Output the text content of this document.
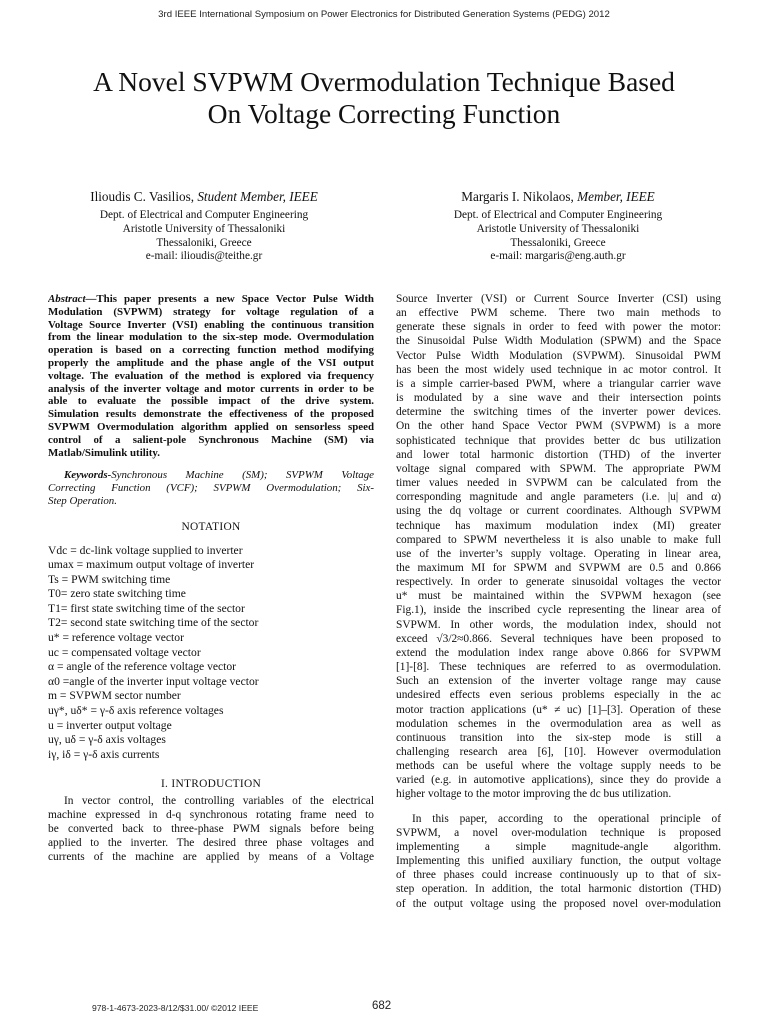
3rd IEEE International Symposium on Power Electronics for Distributed Generation Systems (PEDG) 2012
A Novel SVPWM Overmodulation Technique Based
On Voltage Correcting Function
Ilioudis C. Vasilios, Student Member, IEEE
Dept. of Electrical and Computer Engineering
Aristotle University of Thessaloniki
Thessaloniki, Greece
e-mail: ilioudis@teithe.gr
Margaris I. Nikolaos, Member, IEEE
Dept. of Electrical and Computer Engineering
Aristotle University of Thessaloniki
Thessaloniki, Greece
e-mail: margaris@eng.auth.gr
Abstract—This paper presents a new Space Vector Pulse Width
Modulation (SVPWM) strategy for voltage regulation of a
Voltage Source Inverter (VSI) enabling the continuous transition
from the linear modulation to the six-step mode. Overmodulation
operation is based on a correcting function method modifying
properly the amplitude and the phase angle of the VSI output
voltage. The evaluation of the method is explored via frequency
analysis of the inverter voltage and motor currents in order to be
able to evaluate the possible impact of the drive system.
Simulation results demonstrate the effectiveness of the proposed
SVPWM Overmodulation algorithm applied on sensorless speed
control of a salient-pole Synchronous Machine (SM) via
Matlab/Simulink utility.
Keywords-Synchronous Machine (SM); SVPWM Voltage
Correcting Function (VCF); SVPWM Overmodulation; Six-
Step Operation.
NOTATION
Vdc = dc-link voltage supplied to inverter
umax = maximum output voltage of inverter
Ts = PWM switching time
T0= zero state switching time
T1= first state switching time of the sector
T2= second state switching time of the sector
u* = reference voltage vector
uc = compensated voltage vector
α = angle of the reference voltage vector
α0 =angle of the inverter input voltage vector
m = SVPWM sector number
uγ*, uδ* = γ-δ axis reference voltages
u = inverter output voltage
uγ, uδ = γ-δ axis voltages
iγ, iδ = γ-δ axis currents
I. INTRODUCTION
In vector control, the controlling variables of the electrical
machine expressed in d-q synchronous rotating frame need to
be converted back to three-phase PWM signals before being
applied to the inverter. The desired three phase voltages and
currents of the machine are applied by means of a Voltage
Source Inverter (VSI) or Current Source Inverter (CSI) using
an effective PWM scheme. There two main methods to
generate these signals in order to feed with power the motor:
the Sinusoidal Pulse Width Modulation (SPWM) and the Space
Vector Pulse Width Modulation (SVPWM). Sinusoidal PWM
has been the most widely used technique in ac motor control. It
is a simple carrier-based PWM, where a triangular carrier wave
is modulated by a sine wave and their intersection points
determine the switching times of the inverter power devices.
On the other hand Space Vector PWM (SVPWM) is a more
sophisticated technique that provides better dc bus utilization
and lower total harmonic distortion (THD) of the inverter
voltage signal compared with SPWM. The appropriate PWM
timer values needed in SVPWM can be calculated from the
corresponding magnitude and angle parameters (i.e. |u| and α)
using the dq voltage or current coordinates. Although SVPWM
technique has maximum modulation index (MI) greater
compared to SPWM nevertheless it is also unable to make full
use of the inverter’s supply voltage. Operating in linear area,
the maximum MI for SPWM and SVPWM are 0.5 and 0.866
respectively. In order to generate sinusoidal voltages the vector
u* must be maintained within the SVPWM hexagon (see
Fig.1), inside the inscribed cycle representing the linear area of
SVPWM. In other words, the modulation index, should not
exceed √3/2≈0.866. Several techniques have been proposed to
extend the modulation index range above 0.866 for SVPWM
[1]-[8]. These techniques are referred to as overmodulation.
Such an extension of the inverter voltage range may cause
undesired effects even serious problems especially in the ac
motor traction applications (u* ≠ uc) [1]–[3]. Operation of these
modulation schemes in the overmodulation area as well as
continuous transition into the six-step mode is still a
challenging research area [6], [10]. However overmodulation
methods can be useful where the voltage supply needs to be
varied (e.g. in automotive applications), since they do provide a
higher voltage to the motor improving the dc bus utilization.
In this paper, according to the operational principle of
SVPWM, a novel over-modulation technique is proposed
implementing a simple magnitude-angle algorithm.
Implementing this unified auxiliary function, the output voltage
of three phases could increase continuously up to that of six-
step operation. In addition, the total harmonic distortion (THD)
of the output voltage using the proposed novel over-modulation
978-1-4673-2023-8/12/$31.00/ ©2012 IEEE	682
